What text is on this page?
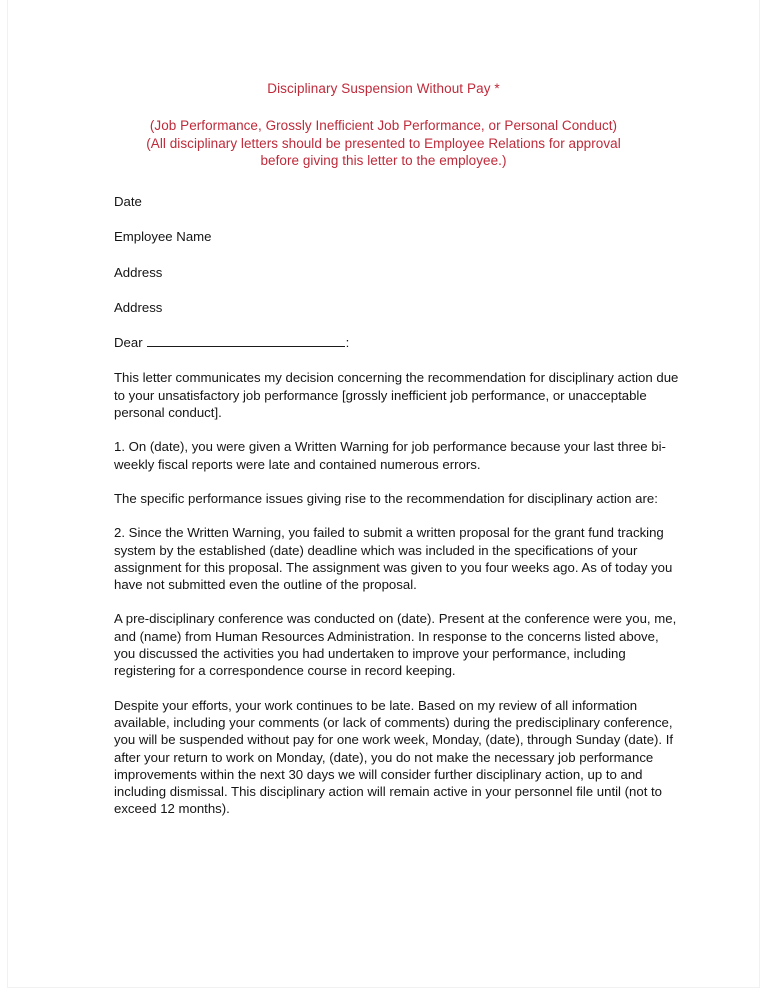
Disciplinary Suspension Without Pay *

(Job Performance, Grossly Inefficient Job Performance, or Personal Conduct)

(All disciplinary letters should be presented to Employee Relations for approval

before giving this letter to the employee.)

Date

Employee Name

Address

Address

Dear	:

This letter communicates my decision concerning the recommendation for disciplinary action due to your unsatisfactory job performance [grossly inefficient job performance, or unacceptable personal conduct].

1. On (date), you were given a Written Warning for job performance because your last three bi-weekly fiscal reports were late and contained numerous errors.

The specific performance issues giving rise to the recommendation for disciplinary action are:

2. Since the Written Warning, you failed to submit a written proposal for the grant fund tracking system by the established (date) deadline which was included in the specifications of your assignment for this proposal. The assignment was given to you four weeks ago. As of today you have not submitted even the outline of the proposal.

A pre-disciplinary conference was conducted on (date). Present at the conference were you, me, and (name) from Human Resources Administration. In response to the concerns listed above, you discussed the activities you had undertaken to improve your performance, including registering for a correspondence course in record keeping.

Despite your efforts, your work continues to be late. Based on my review of all information available, including your comments (or lack of comments) during the predisciplinary conference, you will be suspended without pay for one work week, Monday, (date), through Sunday (date). If after your return to work on Monday, (date), you do not make the necessary job performance improvements within the next 30 days we will consider further disciplinary action, up to and including dismissal. This disciplinary action will remain active in your personnel file until (not to exceed 12 months).
